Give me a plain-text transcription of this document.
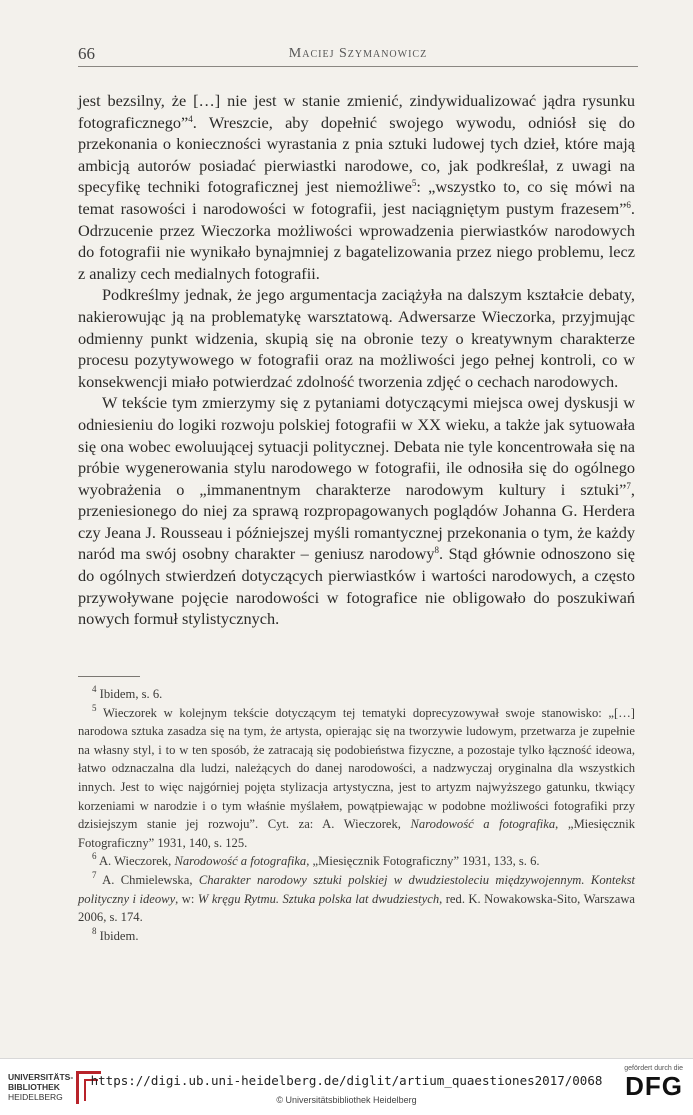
66	Maciej Szymanowicz

jest bezsilny, że […] nie jest w stanie zmienić, zindywidualizować jądra rysunku fotograficznego”$^4$. Wreszcie, aby dopełnić swojego wywodu, odniósł się do przekonania o konieczności wyrastania z pnia sztuki ludowej tych dzieł, które mają ambicją autorów posiadać pierwiastki narodowe, co, jak podkreślał, z uwagi na specyfikę techniki fotograficznej jest niemożliwe$^5$: „wszystko to, co się mówi na temat rasowości i narodowości w fotografii, jest naciągniętym pustym frazesem”$^6$. Odrzucenie przez Wieczorka możliwości wprowadzenia pierwiastków narodowych do fotografii nie wynikało bynajmniej z bagatelizowania przez niego problemu, lecz z analizy cech medialnych fotografii.

Podkreślmy jednak, że jego argumentacja zaciążyła na dalszym kształcie debaty, nakierowując ją na problematykę warsztatową. Adwersarze Wieczorka, przyjmując odmienny punkt widzenia, skupią się na obronie tezy o kreatywnym charakterze procesu pozytywowego w fotografii oraz na możliwości jego pełnej kontroli, co w konsekwencji miało potwierdzać zdolność tworzenia zdjęć o cechach narodowych.

W tekście tym zmierzymy się z pytaniami dotyczącymi miejsca owej dyskusji w odniesieniu do logiki rozwoju polskiej fotografii w XX wieku, a także jak sytuowała się ona wobec ewoluującej sytuacji politycznej. Debata nie tyle koncentrowała się na próbie wygenerowania stylu narodowego w fotografii, ile odnosiła się do ogólnego wyobrażenia o „immanentnym charakterze narodowym kultury i sztuki”$^7$, przeniesionego do niej za sprawą rozpropagowanych poglądów Johanna G. Herdera czy Jeana J. Rousseau i późniejszej myśli romantycznej przekonania o tym, że każdy naród ma swój osobny charakter – geniusz narodowy$^8$. Stąd głównie odnoszono się do ogólnych stwierdzeń dotyczących pierwiastków i wartości narodowych, a często przywoływane pojęcie narodowości w fotografice nie obligowało do poszukiwań nowych formuł stylistycznych.

$^4$ Ibidem, s. 6.

$^5$ Wieczorek w kolejnym tekście dotyczącym tej tematyki doprecyzowywał swoje stanowisko: „[…] narodowa sztuka zasadza się na tym, że artysta, opierając się na tworzywie ludowym, przetwarza je zupełnie na własny styl, i to w ten sposób, że zatracają się podobieństwa fizyczne, a pozostaje tylko łączność ideowa, łatwo odznaczalna dla ludzi, należących do danej narodowości, a nadzwyczaj oryginalna dla wszystkich innych. Jest to więc najgórniej pojęta stylizacja artystyczna, jest to artyzm najwyższego gatunku, tkwiący korzeniami w narodzie i o tym właśnie myślałem, powątpiewając w podobne możliwości fotografiki przy dzisiejszym stanie jej rozwoju”. Cyt. za: A. Wieczorek, Narodowość a fotografika, „Miesięcznik Fotograficzny” 1931, 140, s. 125.

$^6$ A. Wieczorek, Narodowość a fotografika, „Miesięcznik Fotograficzny” 1931, 133, s. 6.

$^7$ A. Chmielewska, Charakter narodowy sztuki polskiej w dwudziestoleciu międzywojennym. Kontekst polityczny i ideowy, w: W kręgu Rytmu. Sztuka polska lat dwudziestych, red. K. Nowakowska-Sito, Warszawa 2006, s. 174.

$^8$ Ibidem.

UNIVERSITÄTS-
BIBLIOTHEK
HEIDELBERG
https://digi.ub.uni-heidelberg.de/diglit/artium_quaestiones2017/0068
© Universitätsbibliothek Heidelberg
gefördert durch die
DFG
